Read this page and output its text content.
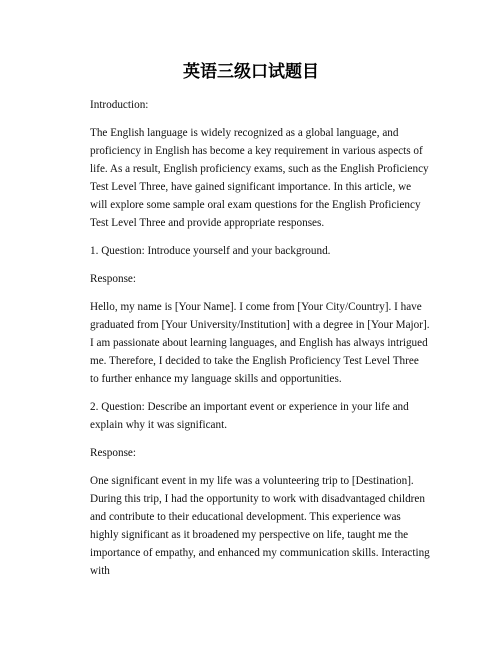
英语三级口试题目

Introduction:

The English language is widely recognized as a global language, and proficiency in English has become a key requirement in various aspects of life. As a result, English proficiency exams, such as the English Proficiency Test Level Three, have gained significant importance. In this article, we will explore some sample oral exam questions for the English Proficiency Test Level Three and provide appropriate responses.

1. Question: Introduce yourself and your background.

Response:

Hello, my name is [Your Name]. I come from [Your City/Country]. I have graduated from [Your University/Institution] with a degree in [Your Major]. I am passionate about learning languages, and English has always intrigued me. Therefore, I decided to take the English Proficiency Test Level Three to further enhance my language skills and opportunities.

2. Question: Describe an important event or experience in your life and explain why it was significant.

Response:

One significant event in my life was a volunteering trip to [Destination]. During this trip, I had the opportunity to work with disadvantaged children and contribute to their educational development. This experience was highly significant as it broadened my perspective on life, taught me the importance of empathy, and enhanced my communication skills. Interacting with
